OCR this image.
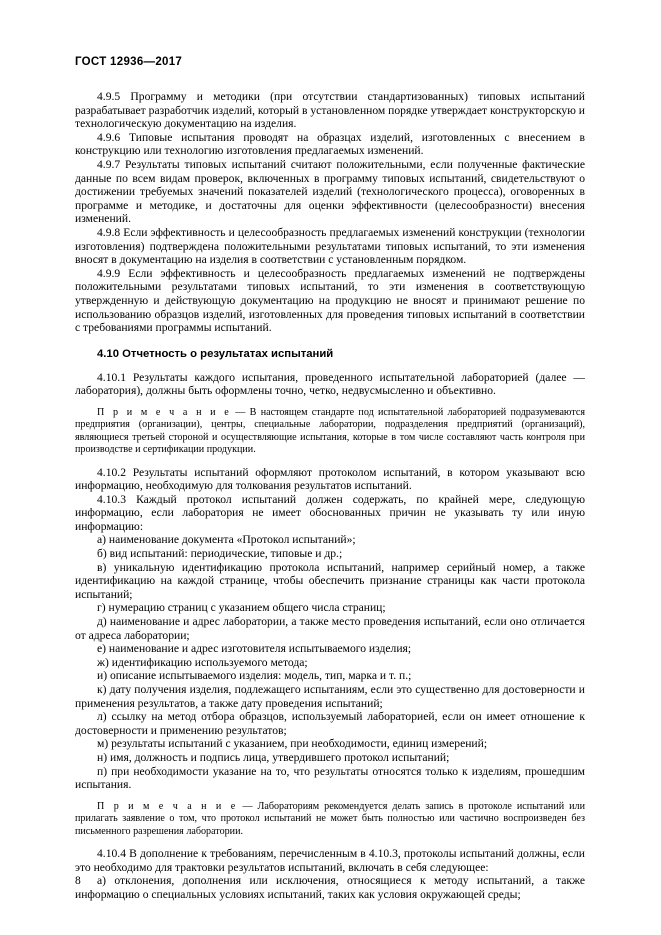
ГОСТ 12936—2017

4.9.5 Программу и методики (при отсутствии стандартизованных) типовых испытаний разрабатывает разработчик изделий, который в установленном порядке утверждает конструкторскую и технологическую документацию на изделия.

4.9.6 Типовые испытания проводят на образцах изделий, изготовленных с внесением в конструкцию или технологию изготовления предлагаемых изменений.

4.9.7 Результаты типовых испытаний считают положительными, если полученные фактические данные по всем видам проверок, включенных в программу типовых испытаний, свидетельствуют о достижении требуемых значений показателей изделий (технологического процесса), оговоренных в программе и методике, и достаточны для оценки эффективности (целесообразности) внесения изменений.

4.9.8 Если эффективность и целесообразность предлагаемых изменений конструкции (технологии изготовления) подтверждена положительными результатами типовых испытаний, то эти изменения вносят в документацию на изделия в соответствии с установленным порядком.

4.9.9 Если эффективность и целесообразность предлагаемых изменений не подтверждены положительными результатами типовых испытаний, то эти изменения в соответствующую утвержденную и действующую документацию на продукцию не вносят и принимают решение по использованию образцов изделий, изготовленных для проведения типовых испытаний в соответствии с требованиями программы испытаний.

4.10 Отчетность о результатах испытаний

4.10.1 Результаты каждого испытания, проведенного испытательной лабораторией (далее — лаборатория), должны быть оформлены точно, четко, недвусмысленно и объективно.

П р и м е ч а н и е — В настоящем стандарте под испытательной лабораторией подразумеваются предприятия (организации), центры, специальные лаборатории, подразделения предприятий (организаций), являющиеся третьей стороной и осуществляющие испытания, которые в том числе составляют часть контроля при производстве и сертификации продукции.

4.10.2 Результаты испытаний оформляют протоколом испытаний, в котором указывают всю информацию, необходимую для толкования результатов испытаний.

4.10.3 Каждый протокол испытаний должен содержать, по крайней мере, следующую информацию, если лаборатория не имеет обоснованных причин не указывать ту или иную информацию:

а) наименование документа «Протокол испытаний»;

б) вид испытаний: периодические, типовые и др.;

в) уникальную идентификацию протокола испытаний, например серийный номер, а также идентификацию на каждой странице, чтобы обеспечить признание страницы как части протокола испытаний;

г) нумерацию страниц с указанием общего числа страниц;

д) наименование и адрес лаборатории, а также место проведения испытаний, если оно отличается от адреса лаборатории;

е) наименование и адрес изготовителя испытываемого изделия;

ж) идентификацию используемого метода;

и) описание испытываемого изделия: модель, тип, марка и т. п.;

к) дату получения изделия, подлежащего испытаниям, если это существенно для достоверности и применения результатов, а также дату проведения испытаний;

л) ссылку на метод отбора образцов, используемый лабораторией, если он имеет отношение к достоверности и применению результатов;

м) результаты испытаний с указанием, при необходимости, единиц измерений;

н) имя, должность и подпись лица, утвердившего протокол испытаний;

п) при необходимости указание на то, что результаты относятся только к изделиям, прошедшим испытания.

П р и м е ч а н и е — Лабораториям рекомендуется делать запись в протоколе испытаний или прилагать заявление о том, что протокол испытаний не может быть полностью или частично воспроизведен без письменного разрешения лаборатории.

4.10.4 В дополнение к требованиям, перечисленным в 4.10.3, протоколы испытаний должны, если это необходимо для трактовки результатов испытаний, включать в себя следующее:

а) отклонения, дополнения или исключения, относящиеся к методу испытаний, а также информацию о специальных условиях испытаний, таких как условия окружающей среды;

8
